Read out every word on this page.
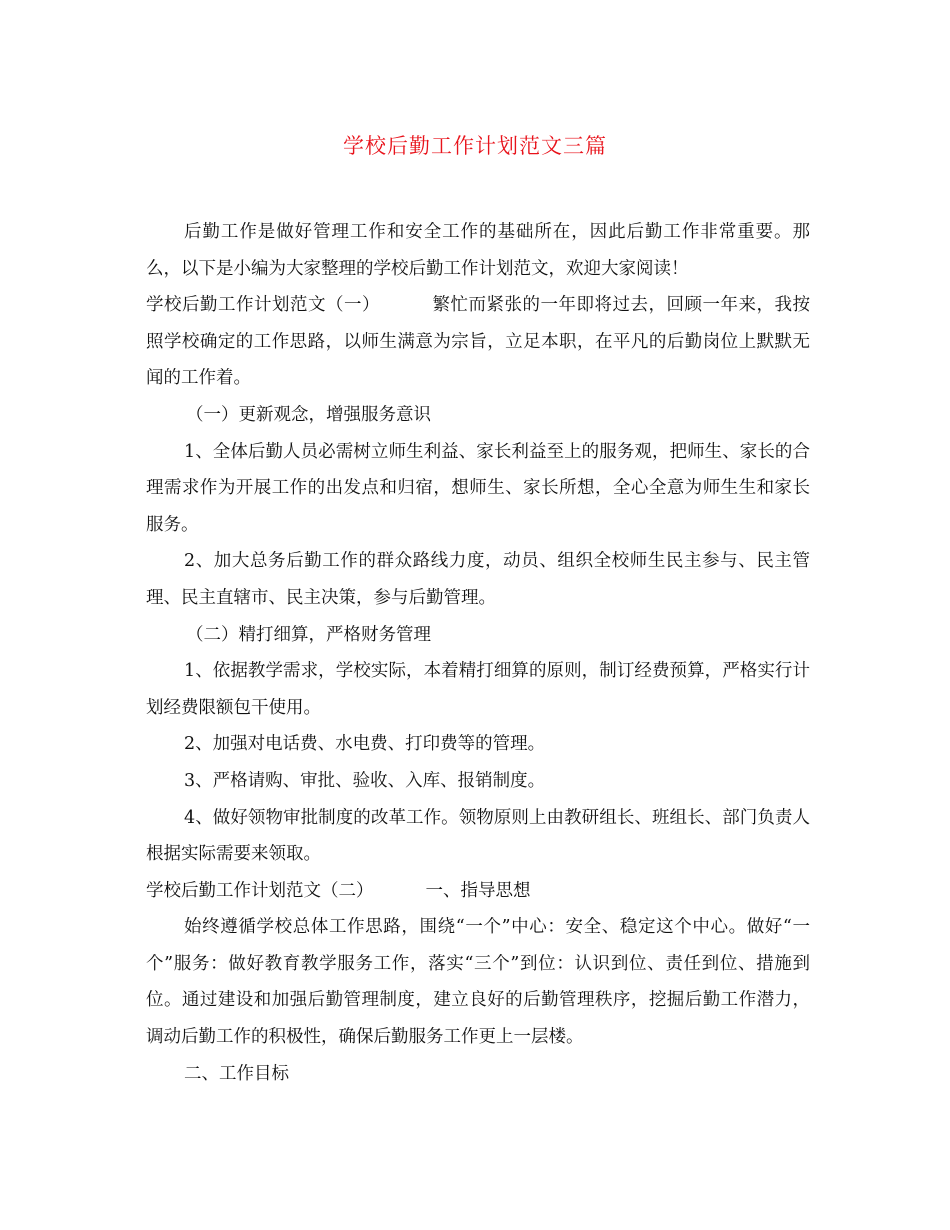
学校后勤工作计划范文三篇

后勤工作是做好管理工作和安全工作的基础所在，因此后勤工作非常重要。那么，以下是小编为大家整理的学校后勤工作计划范文，欢迎大家阅读！

学校后勤工作计划范文（一）	繁忙而紧张的一年即将过去，回顾一年来，我按照学校确定的工作思路，以师生满意为宗旨，立足本职，在平凡的后勤岗位上默默无闻的工作着。

（一）更新观念，增强服务意识

1、全体后勤人员必需树立师生利益、家长利益至上的服务观，把师生、家长的合理需求作为开展工作的出发点和归宿，想师生、家长所想，全心全意为师生生和家长服务。

2、加大总务后勤工作的群众路线力度，动员、组织全校师生民主参与、民主管理、民主直辖市、民主决策，参与后勤管理。

（二）精打细算，严格财务管理

1、依据教学需求，学校实际，本着精打细算的原则，制订经费预算，严格实行计划经费限额包干使用。

2、加强对电话费、水电费、打印费等的管理。

3、严格请购、审批、验收、入库、报销制度。

4、做好领物审批制度的改革工作。领物原则上由教研组长、班组长、部门负责人根据实际需要来领取。

学校后勤工作计划范文（二）	一、指导思想

始终遵循学校总体工作思路，围绕“一个”中心：安全、稳定这个中心。做好“一个”服务：做好教育教学服务工作，落实“三个”到位：认识到位、责任到位、措施到位。通过建设和加强后勤管理制度，建立良好的后勤管理秩序，挖掘后勤工作潜力，调动后勤工作的积极性，确保后勤服务工作更上一层楼。

二、工作目标
